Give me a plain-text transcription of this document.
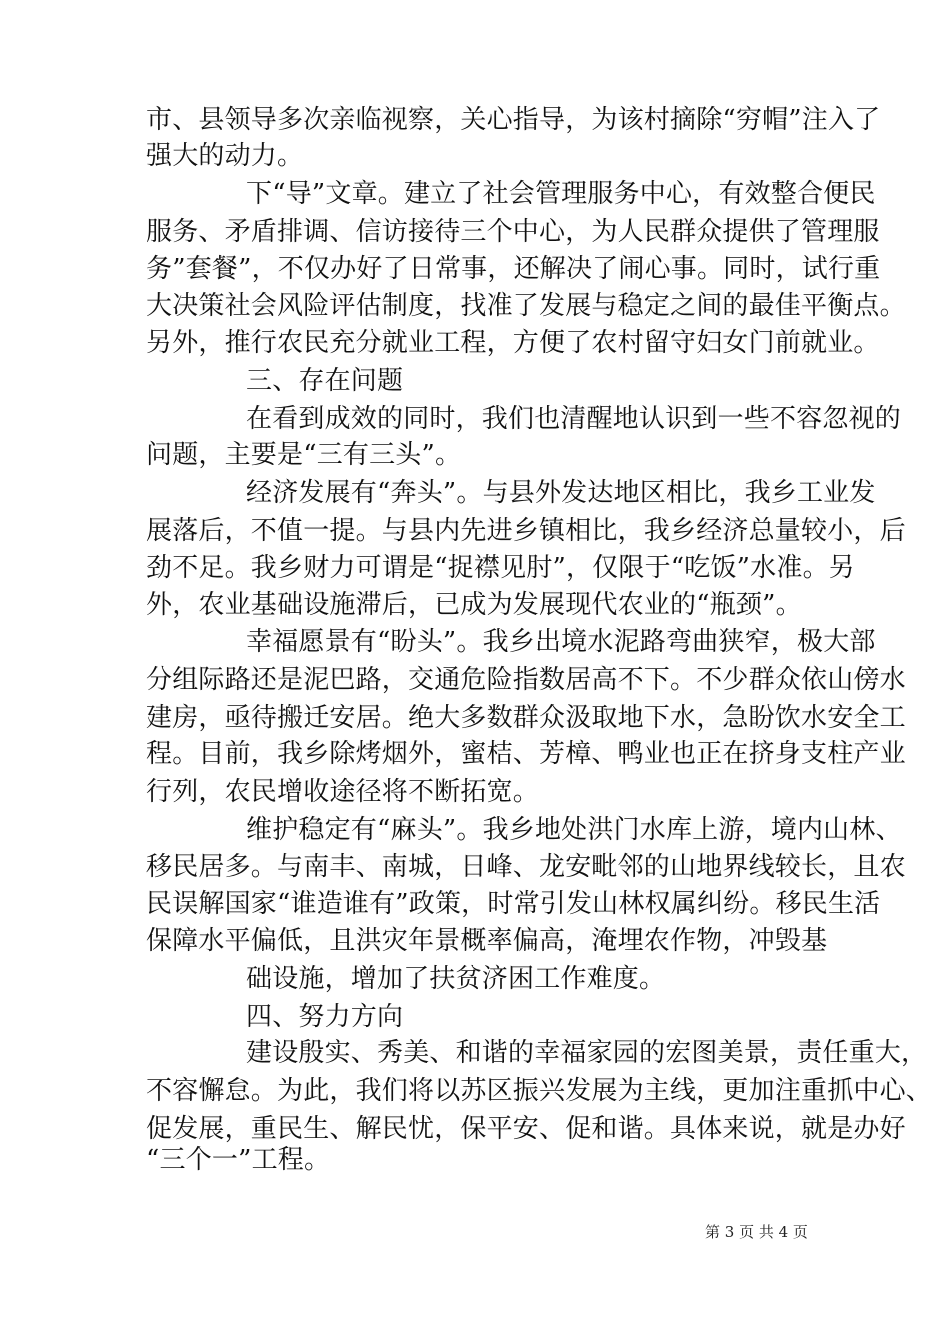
市、县领导多次亲临视察，关心指导，为该村摘除“穷帽”注入了
强大的动力。
下“导”文章。建立了社会管理服务中心，有效整合便民
服务、矛盾排调、信访接待三个中心，为人民群众提供了管理服
务”套餐”，不仅办好了日常事，还解决了闹心事。同时，试行重
大决策社会风险评估制度，找准了发展与稳定之间的最佳平衡点。
另外，推行农民充分就业工程，方便了农村留守妇女门前就业。
三、存在问题
在看到成效的同时，我们也清醒地认识到一些不容忽视的
问题，主要是“三有三头”。
经济发展有“奔头”。与县外发达地区相比，我乡工业发
展落后，不值一提。与县内先进乡镇相比，我乡经济总量较小，后
劲不足。我乡财力可谓是“捉襟见肘”，仅限于“吃饭”水准。另
外，农业基础设施滞后，已成为发展现代农业的“瓶颈”。
幸福愿景有“盼头”。我乡出境水泥路弯曲狭窄，极大部
分组际路还是泥巴路，交通危险指数居高不下。不少群众依山傍水
建房，亟待搬迁安居。绝大多数群众汲取地下水，急盼饮水安全工
程。目前，我乡除烤烟外，蜜桔、芳樟、鸭业也正在挤身支柱产业
行列，农民增收途径将不断拓宽。
维护稳定有“麻头”。我乡地处洪门水库上游，境内山林、
移民居多。与南丰、南城，日峰、龙安毗邻的山地界线较长，且农
民误解国家“谁造谁有”政策，时常引发山林权属纠纷。移民生活
保障水平偏低，且洪灾年景概率偏高，淹埋农作物，冲毁基
础设施，增加了扶贫济困工作难度。
四、努力方向
建设殷实、秀美、和谐的幸福家园的宏图美景，责任重大，
不容懈怠。为此，我们将以苏区振兴发展为主线，更加注重抓中心、
促发展，重民生、解民忧，保平安、促和谐。具体来说，就是办好
“三个一”工程。
第 3 页 共 4 页
